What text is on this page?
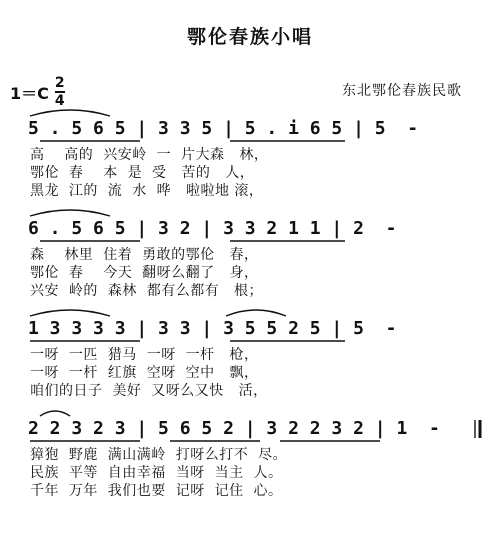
鄂伦春族小唱
1＝C
2
4
东北鄂伦春族民歌
5 . 5 6 5 | 3 3 5 | 5 . i 6 5 | 5  -
高    高的  兴安岭  一  片大森   林，
鄂伦  春    本  是  受   苦的   人，
黑龙  江的  流  水  哗   啦啦地 滚，
6 . 5 6 5 | 3 2 | 3 3 2 1 1 | 2  -
森    林里  住着  勇敢的鄂伦   春，
鄂伦  春    今天  翻呀么翻了   身，
兴安  岭的  森林  都有么都有   根；
1 3 3 3 3 | 3 3 | 3 5 5 2 5 | 5  -
一呀  一匹  猎马  一呀  一杆   枪，
一呀  一杆  红旗  空呀  空中   飘，
咱们的日子  美好  又呀么又快   活，
2 2 3 2 3 | 5 6 5 2 | 3 2 2 3 2 | 1  -
獐狍  野鹿  满山满岭  打呀么打不  尽。
民族  平等  自由幸福  当呀  当主  人。
千年  万年  我们也要  记呀  记住  心。
